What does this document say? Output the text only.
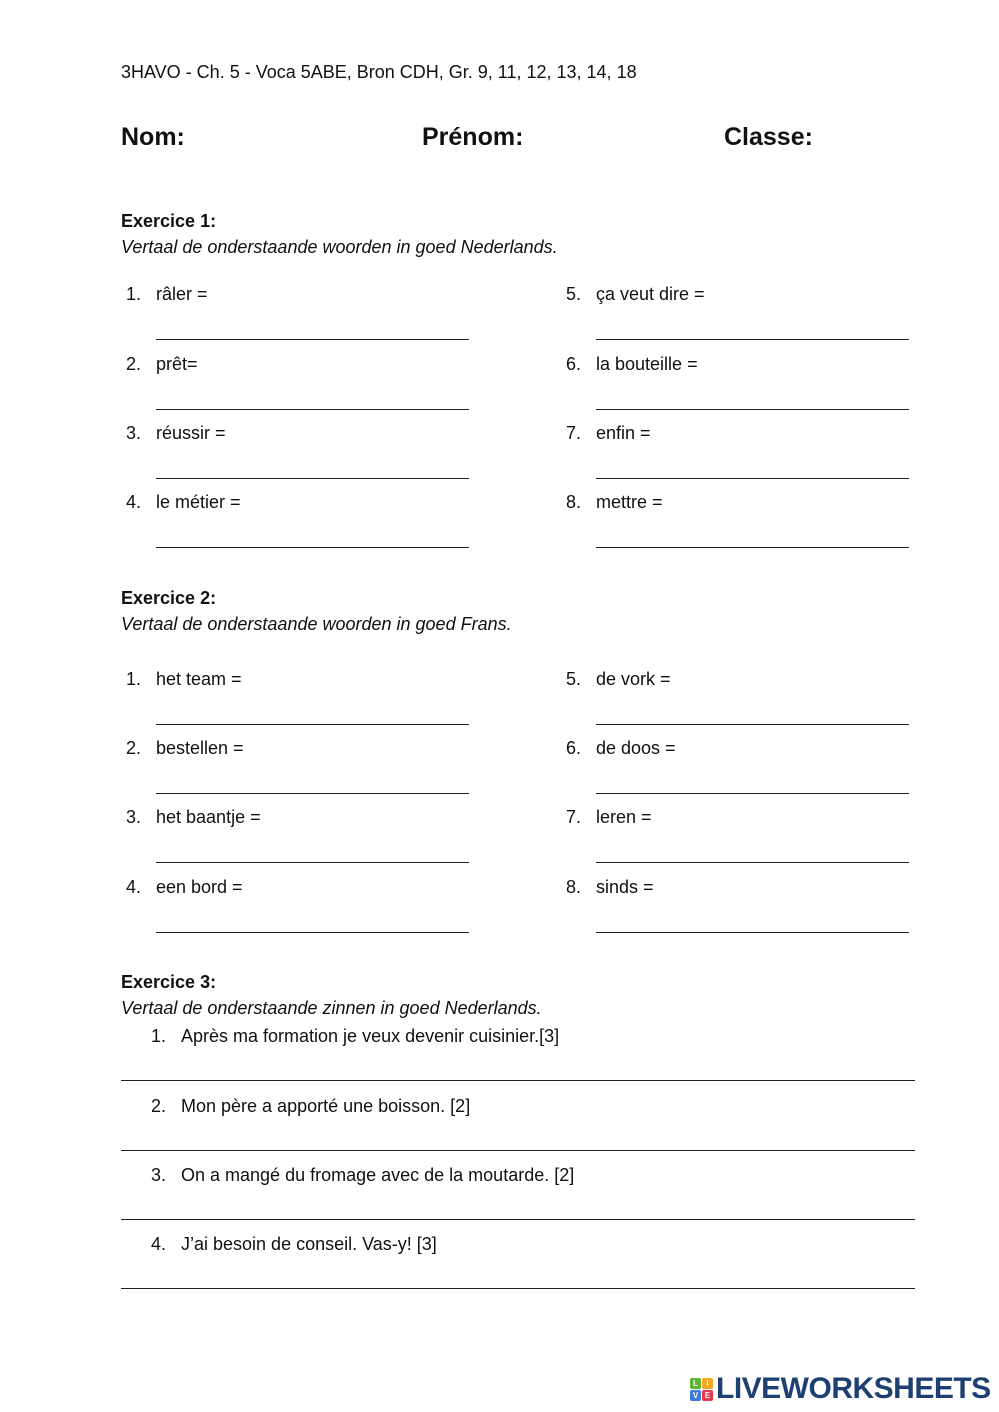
3HAVO - Ch. 5 - Voca 5ABE, Bron CDH, Gr. 9, 11, 12, 13, 14, 18
Nom:	Prénom:	Classe:
Exercice 1:
Vertaal de onderstaande woorden in goed Nederlands.
1. râler =
2. prêt=
3. réussir =
4. le métier =
5. ça veut dire =
6. la bouteille =
7. enfin =
8. mettre =
Exercice 2:
Vertaal de onderstaande woorden in goed Frans.
1. het team =
2. bestellen =
3. het baantje =
4. een bord =
5. de vork =
6. de doos =
7. leren =
8. sinds =
Exercice 3:
Vertaal de onderstaande zinnen in goed Nederlands.
1. Après ma formation je veux devenir cuisinier.[3]
2. Mon père a apporté une boisson. [2]
3. On a mangé du fromage avec de la moutarde. [2]
4. J’ai besoin de conseil. Vas-y! [3]
L	I
V E LIVEWORKSHEETS
